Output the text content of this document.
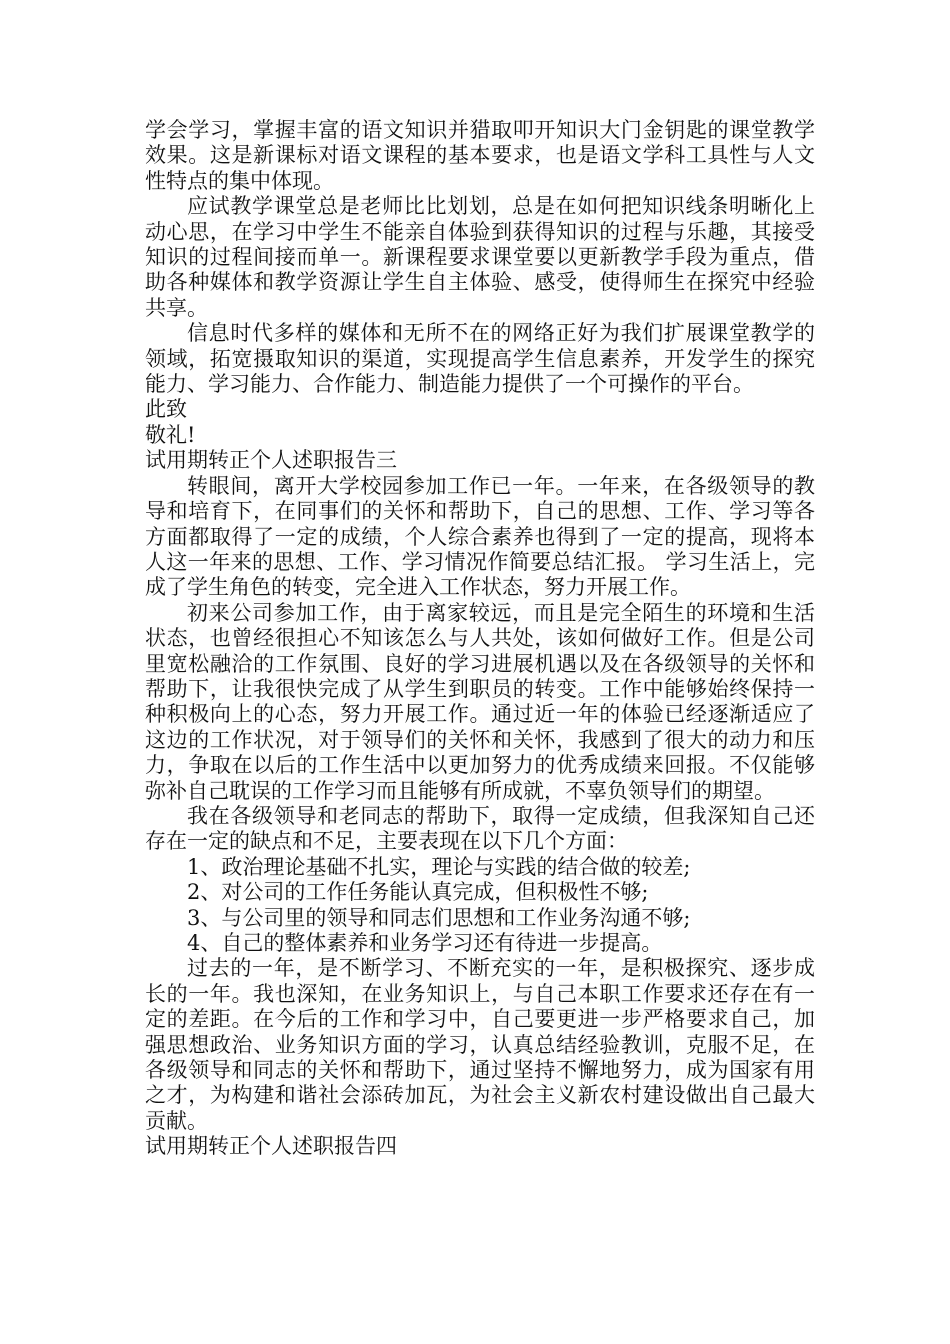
学会学习，掌握丰富的语文知识并猎取叩开知识大门金钥匙的课堂教学效果。这是新课标对语文课程的基本要求，也是语文学科工具性与人文性特点的集中体现。

应试教学课堂总是老师比比划划，总是在如何把知识线条明晰化上动心思，在学习中学生不能亲自体验到获得知识的过程与乐趣，其接受知识的过程间接而单一。新课程要求课堂要以更新教学手段为重点，借助各种媒体和教学资源让学生自主体验、感受，使得师生在探究中经验共享。

信息时代多样的媒体和无所不在的网络正好为我们扩展课堂教学的领域，拓宽摄取知识的渠道，实现提高学生信息素养，开发学生的探究能力、学习能力、合作能力、制造能力提供了一个可操作的平台。

此致

敬礼!

试用期转正个人述职报告三

转眼间，离开大学校园参加工作已一年。一年来，在各级领导的教导和培育下，在同事们的关怀和帮助下，自己的思想、工作、学习等各方面都取得了一定的成绩，个人综合素养也得到了一定的提高，现将本人这一年来的思想、工作、学习情况作简要总结汇报。 学习生活上，完成了学生角色的转变，完全进入工作状态，努力开展工作。

初来公司参加工作，由于离家较远，而且是完全陌生的环境和生活状态，也曾经很担心不知该怎么与人共处，该如何做好工作。但是公司里宽松融洽的工作氛围、良好的学习进展机遇以及在各级领导的关怀和帮助下，让我很快完成了从学生到职员的转变。工作中能够始终保持一种积极向上的心态，努力开展工作。通过近一年的体验已经逐渐适应了这边的工作状况，对于领导们的关怀和关怀，我感到了很大的动力和压力，争取在以后的工作生活中以更加努力的优秀成绩来回报。不仅能够弥补自己耽误的工作学习而且能够有所成就，不辜负领导们的期望。

我在各级领导和老同志的帮助下，取得一定成绩，但我深知自己还存在一定的缺点和不足，主要表现在以下几个方面：

1、政治理论基础不扎实，理论与实践的结合做的较差;

2、对公司的工作任务能认真完成，但积极性不够;

3、与公司里的领导和同志们思想和工作业务沟通不够;

4、自己的整体素养和业务学习还有待进一步提高。

过去的一年，是不断学习、不断充实的一年，是积极探究、逐步成长的一年。我也深知，在业务知识上，与自己本职工作要求还存在有一定的差距。在今后的工作和学习中，自己要更进一步严格要求自己，加强思想政治、业务知识方面的学习，认真总结经验教训，克服不足，在各级领导和同志的关怀和帮助下，通过坚持不懈地努力，成为国家有用之才，为构建和谐社会添砖加瓦，为社会主义新农村建设做出自己最大贡献。

试用期转正个人述职报告四
